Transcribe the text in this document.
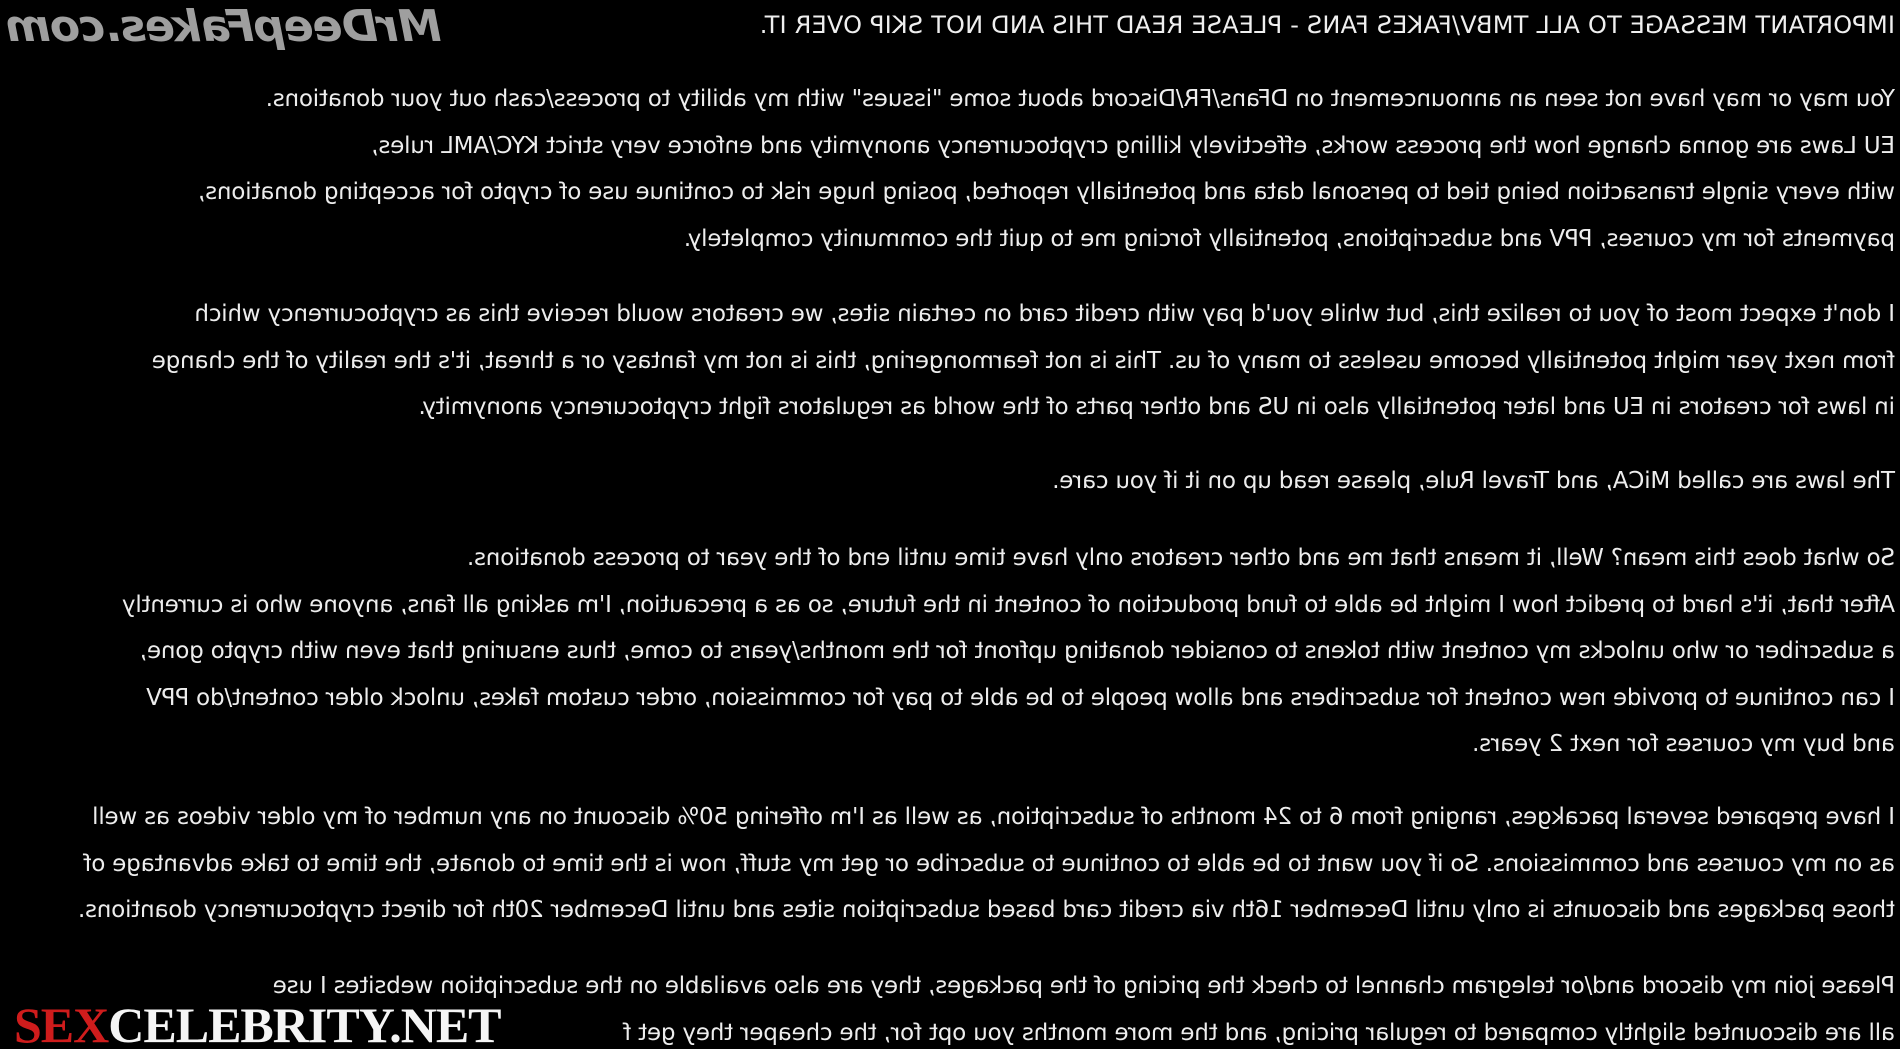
MrDeepFakes.com	IMPORTANT MESSAGE TO ALL TMBV/FAKES FANS - PLEASE READ THIS AND NOT SKIP OVER IT.
You may or may have not seen an announcement on DFans/FR/Discord about some "issues" with my ability to process/cash out your donations.
EU Laws are gonna change how the process works, effectively killing cryptocurrency anonymity and enforce very strict KYC/AML rules,
with every single transaction being tied to personal data and potentially reported, posing huge risk to continue use of crypto for accepting donations,
payments for my courses, PPV and subscriptions, potentially forcing me to quit the community completely.
I don't expect most of you to realize this, but while you'd pay with credit card on certain sites, we creators would receive this as cryptocurrency which
from next year might potentially become useless to many of us. This is not fearmongering, this is not my fantasy or a threat, it's the reality of the change
in laws for creators in EU and later potentially also in US and other parts of the world as regulators fight cryptocurency anonymity.
The laws are called MiCA, and Travel Rule, please read up on it if you care.
So what does this mean? Well, it means that me and other creators only have time until end of the year to process donations.
After that, it's hard to predict how I might be able to fund production of content in the future, so as a precaution, I'm asking all fans, anyone who is currently
a subscriber or who unlocks my content with tokens to consider donating upfront for the months/years to come, thus ensuring that even with crypto gone,
I can continue to provide new content for subscribers and allow people to be able to pay for commission, order custom fakes, unlock older content/do PPV
and buy my courses for next 2 years.
I have prepared several pacakges, ranging from 6 to 24 months of subscription, as well as I'm offering 50% discount on any number of my older videos as well
as on my courses and commissions. So if you want to be able to continue to subscribe or get my stuff, now is the time to donate, the time to take advantage of
those packages and discounts is only until December 16th via credit card based subscription sites and until December 20th for direct cryptocurrency doantions.
Please join my discord and/or telegram channel to check the pricing of the packages, they are also available on the subscription websites I use
all are discounted slightly compared to regular pricing, and the more months you opt for, the cheaper they get f
SEXCELEBRITY.NET
